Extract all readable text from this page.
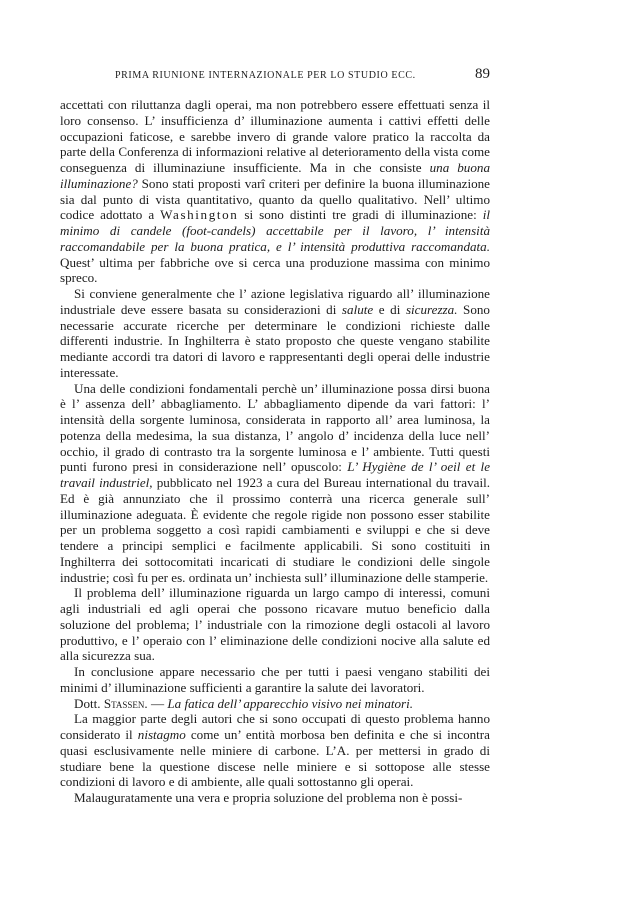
PRIMA RIUNIONE INTERNAZIONALE PER LO STUDIO ECC.	89

accettati con riluttanza dagli operai, ma non potrebbero essere effettuati senza il loro consenso. L’ insufficienza d’ illuminazione aumenta i cattivi effetti delle occupazioni faticose, e sarebbe invero di grande valore pratico la raccolta da parte della Conferenza di informazioni relative al deterioramento della vista come conseguenza di illuminaziune insufficiente. Ma in che consiste una buona illuminazione? Sono stati proposti varî criteri per definire la buona illuminazione sia dal punto di vista quantitativo, quanto da quello qualitativo. Nell’ ultimo codice adottato a Washington si sono distinti tre gradi di illuminazione: il minimo di candele (foot-candels) accettabile per il lavoro, l’ intensità raccomandabile per la buona pratica, e l’ intensità produttiva raccomandata. Quest’ ultima per fabbriche ove si cerca una produzione massima con minimo spreco.

Si conviene generalmente che l’ azione legislativa riguardo all’ illuminazione industriale deve essere basata su considerazioni di salute e di sicurezza. Sono necessarie accurate ricerche per determinare le condizioni richieste dalle differenti industrie. In Inghilterra è stato proposto che queste vengano stabilite mediante accordi tra datori di lavoro e rappresentanti degli operai delle industrie interessate.

Una delle condizioni fondamentali perchè un’ illuminazione possa dirsi buona è l’ assenza dell’ abbagliamento. L’ abbagliamento dipende da vari fattori: l’ intensità della sorgente luminosa, considerata in rapporto all’ area luminosa, la potenza della medesima, la sua distanza, l’ angolo d’ incidenza della luce nell’ occhio, il grado di contrasto tra la sorgente luminosa e l’ ambiente. Tutti questi punti furono presi in considerazione nell’ opuscolo: L’ Hygiène de l’ oeil et le travail industriel, pubblicato nel 1923 a cura del Bureau international du travail. Ed è già annunziato che il prossimo conterrà una ricerca generale sull’ illuminazione adeguata. È evidente che regole rigide non possono esser stabilite per un problema soggetto a così rapidi cambiamenti e sviluppi e che si deve tendere a principi semplici e facilmente applicabili. Si sono costituiti in Inghilterra dei sottocomitati incaricati di studiare le condizioni delle singole industrie; così fu per es. ordinata un’ inchiesta sull’ illuminazione delle stamperie.

Il problema dell’ illuminazione riguarda un largo campo di interessi, comuni agli industriali ed agli operai che possono ricavare mutuo beneficio dalla soluzione del problema; l’ industriale con la rimozione degli ostacoli al lavoro produttivo, e l’ operaio con l’ eliminazione delle condizioni nocive alla salute ed alla sicurezza sua.

In conclusione appare necessario che per tutti i paesi vengano stabiliti dei minimi d’ illuminazione sufficienti a garantire la salute dei lavoratori.

Dott. Stassen. — La fatica dell’ apparecchio visivo nei minatori.

La maggior parte degli autori che si sono occupati di questo problema hanno considerato il nistagmo come un’ entità morbosa ben definita e che si incontra quasi esclusivamente nelle miniere di carbone. L’A. per mettersi in grado di studiare bene la questione discese nelle miniere e si sottopose alle stesse condizioni di lavoro e di ambiente, alle quali sottostanno gli operai.

Malauguratamente una vera e propria soluzione del problema non è possi-
